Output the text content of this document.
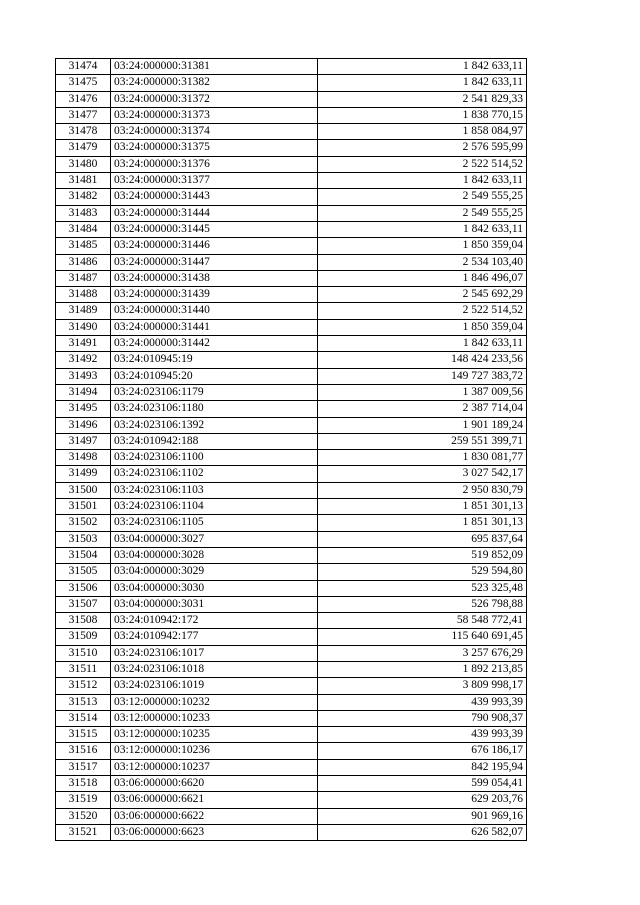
31474	03:24:000000:31381	1 842 633,11
31475	03:24:000000:31382	1 842 633,11
31476	03:24:000000:31372	2 541 829,33
31477	03:24:000000:31373	1 838 770,15
31478	03:24:000000:31374	1 858 084,97
31479	03:24:000000:31375	2 576 595,99
31480	03:24:000000:31376	2 522 514,52
31481	03:24:000000:31377	1 842 633,11
31482	03:24:000000:31443	2 549 555,25
31483	03:24:000000:31444	2 549 555,25
31484	03:24:000000:31445	1 842 633,11
31485	03:24:000000:31446	1 850 359,04
31486	03:24:000000:31447	2 534 103,40
31487	03:24:000000:31438	1 846 496,07
31488	03:24:000000:31439	2 545 692,29
31489	03:24:000000:31440	2 522 514,52
31490	03:24:000000:31441	1 850 359,04
31491	03:24:000000:31442	1 842 633,11
31492	03:24:010945:19	148 424 233,56
31493	03:24:010945:20	149 727 383,72
31494	03:24:023106:1179	1 387 009,56
31495	03:24:023106:1180	2 387 714,04
31496	03:24:023106:1392	1 901 189,24
31497	03:24:010942:188	259 551 399,71
31498	03:24:023106:1100	1 830 081,77
31499	03:24:023106:1102	3 027 542,17
31500	03:24:023106:1103	2 950 830,79
31501	03:24:023106:1104	1 851 301,13
31502	03:24:023106:1105	1 851 301,13
31503	03:04:000000:3027	695 837,64
31504	03:04:000000:3028	519 852,09
31505	03:04:000000:3029	529 594,80
31506	03:04:000000:3030	523 325,48
31507	03:04:000000:3031	526 798,88
31508	03:24:010942:172	58 548 772,41
31509	03:24:010942:177	115 640 691,45
31510	03:24:023106:1017	3 257 676,29
31511	03:24:023106:1018	1 892 213,85
31512	03:24:023106:1019	3 809 998,17
31513	03:12:000000:10232	439 993,39
31514	03:12:000000:10233	790 908,37
31515	03:12:000000:10235	439 993,39
31516	03:12:000000:10236	676 186,17
31517	03:12:000000:10237	842 195,94
31518	03:06:000000:6620	599 054,41
31519	03:06:000000:6621	629 203,76
31520	03:06:000000:6622	901 969,16
31521	03:06:000000:6623	626 582,07
